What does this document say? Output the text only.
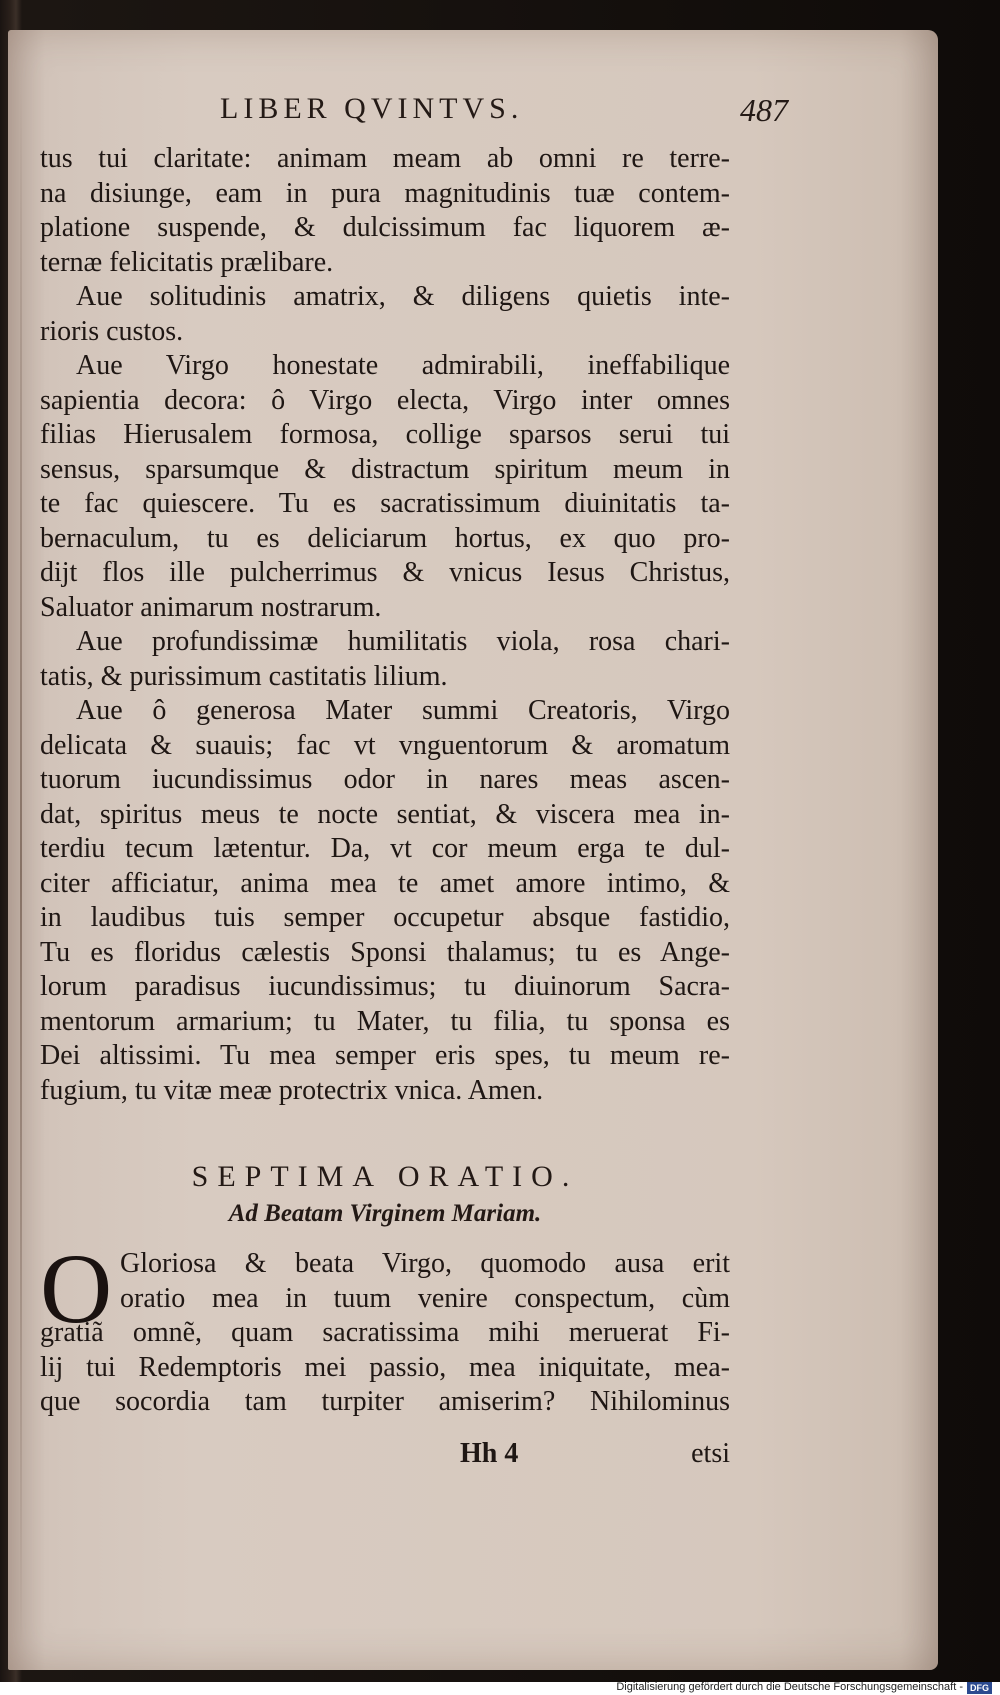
LIBER QVINTVS.	487
tus tui claritate: animam meam ab omni re terre-
na disiunge, eam in pura magnitudinis tuæ contem-
platione suspende, & dulcissimum fac liquorem æ-
ternæ felicitatis prælibare.
Aue solitudinis amatrix, & diligens quietis inte-
rioris custos.
Aue Virgo honestate admirabili, ineffabilique
sapientia decora: ô Virgo electa, Virgo inter omnes
filias Hierusalem formosa, collige sparsos serui tui
sensus, sparsumque & distractum spiritum meum in
te fac quiescere. Tu es sacratissimum diuinitatis ta-
bernaculum, tu es deliciarum hortus, ex quo pro-
dijt flos ille pulcherrimus & vnicus Iesus Christus,
Saluator animarum nostrarum.
Aue profundissimæ humilitatis viola, rosa chari-
tatis, & purissimum castitatis lilium.
Aue ô generosa Mater summi Creatoris, Virgo
delicata & suauis; fac vt vnguentorum & aromatum
tuorum iucundissimus odor in nares meas ascen-
dat, spiritus meus te nocte sentiat, & viscera mea in-
terdiu tecum lætentur. Da, vt cor meum erga te dul-
citer afficiatur, anima mea te amet amore intimo, &
in laudibus tuis semper occupetur absque fastidio,
Tu es floridus cælestis Sponsi thalamus; tu es Ange-
lorum paradisus iucundissimus; tu diuinorum Sacra-
mentorum armarium; tu Mater, tu filia, tu sponsa es
Dei altissimi. Tu mea semper eris spes, tu meum re-
fugium, tu vitæ meæ protectrix vnica. Amen.
SEPTIMA ORATIO.
Ad Beatam Virginem Mariam.
O Gloriosa & beata Virgo, quomodo ausa erit
oratio mea in tuum venire conspectum, cùm
gratiã omnẽ, quam sacratissima mihi meruerat Fi-
lij tui Redemptoris mei passio, mea iniquitate, mea-
que socordia tam turpiter amiserim? Nihilominus
Hh 4	etsi
Digitalisierung gefördert durch die Deutsche Forschungsgemeinschaft - DFG
